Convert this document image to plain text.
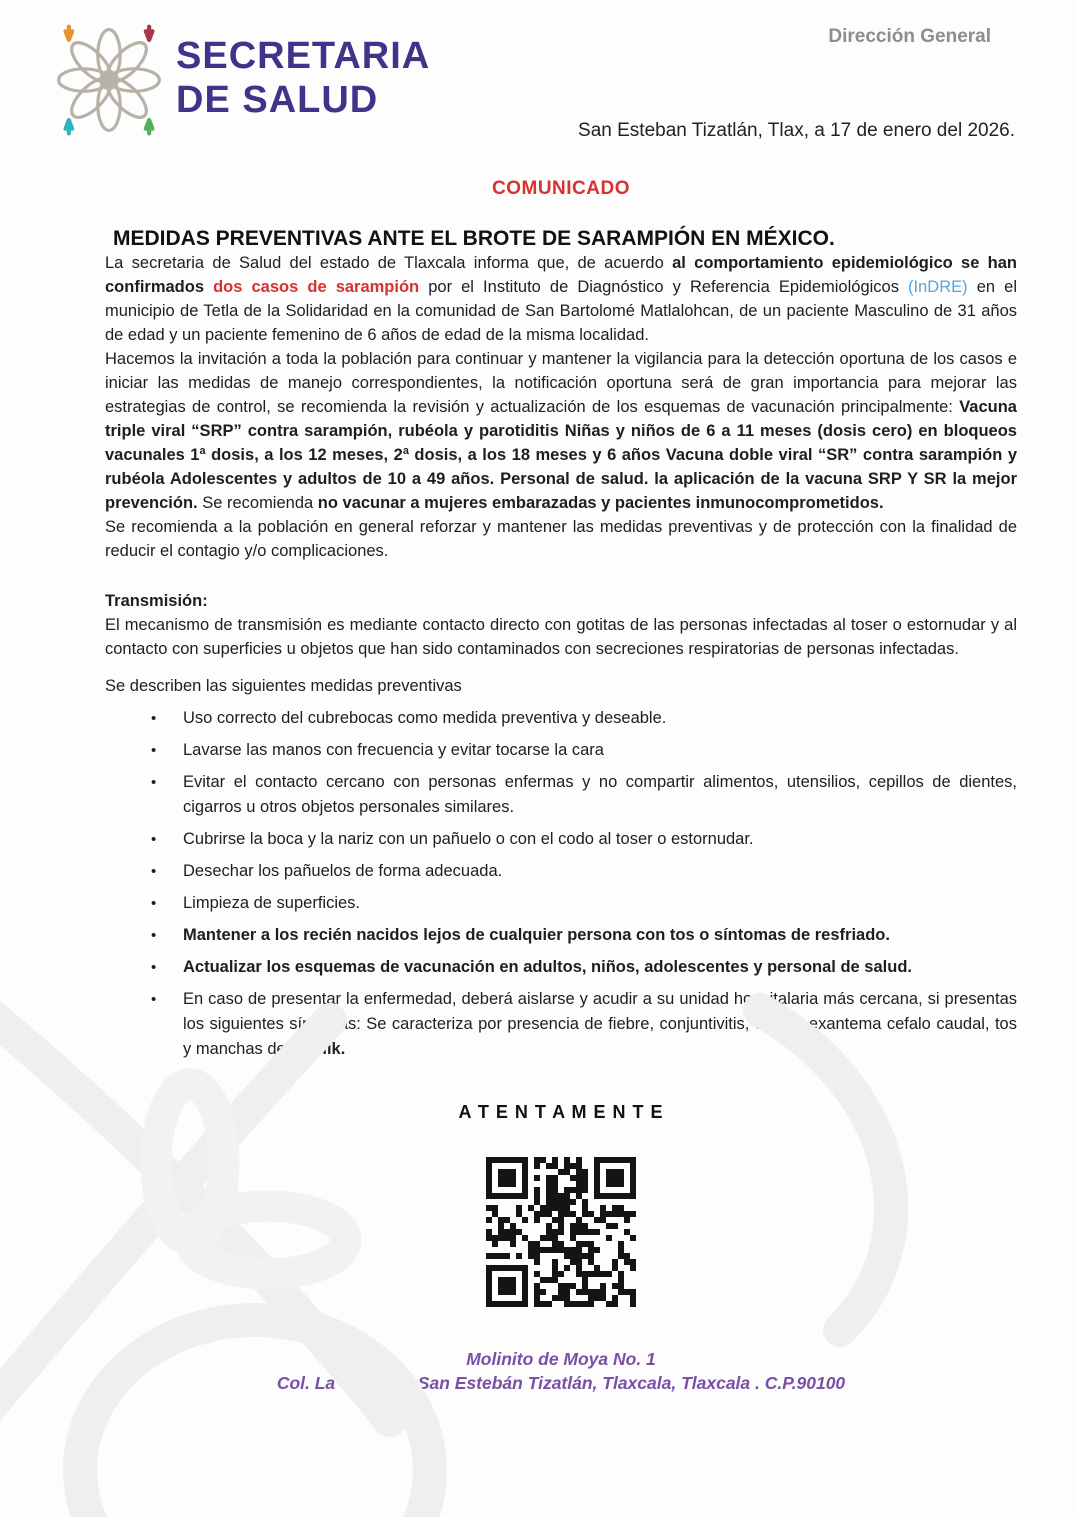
SECRETARIA
DE SALUD
Dirección General
San Esteban Tizatlán, Tlax, a 17 de enero del 2026.
COMUNICADO
MEDIDAS PREVENTIVAS ANTE EL BROTE DE SARAMPIÓN EN MÉXICO.

La secretaria de Salud del estado de Tlaxcala informa que, de acuerdo al comportamiento epidemiológico se han confirmados dos casos de sarampión por el Instituto de Diagnóstico y Referencia Epidemiológicos (InDRE) en el municipio de Tetla de la Solidaridad en la comunidad de San Bartolomé Matlalohcan, de un paciente Masculino de 31 años de edad y un paciente femenino de 6 años de edad de la misma localidad.

Hacemos la invitación a toda la población para continuar y mantener la vigilancia para la detección oportuna de los casos e iniciar las medidas de manejo correspondientes, la notificación oportuna será de gran importancia para mejorar las estrategias de control, se recomienda la revisión y actualización de los esquemas de vacunación principalmente: Vacuna triple viral “SRP” contra sarampión, rubéola y parotiditis Niñas y niños de 6 a 11 meses (dosis cero) en bloqueos vacunales 1ª dosis, a los 12 meses, 2ª dosis, a los 18 meses y 6 años Vacuna doble viral “SR” contra sarampión y rubéola Adolescentes y adultos de 10 a 49 años. Personal de salud. la aplicación de la vacuna SRP Y SR la mejor prevención. Se recomienda no vacunar a mujeres embarazadas y pacientes inmunocomprometidos.

Se recomienda a la población en general reforzar y mantener las medidas preventivas y de protección con la finalidad de reducir el contagio y/o complicaciones.

Transmisión:

El mecanismo de transmisión es mediante contacto directo con gotitas de las personas infectadas al toser o estornudar y al contacto con superficies u objetos que han sido contaminados con secreciones respiratorias de personas infectadas.

Se describen las siguientes medidas preventivas
•	Uso correcto del cubrebocas como medida preventiva y deseable.
•	Lavarse las manos con frecuencia y evitar tocarse la cara
•	Evitar el contacto cercano con personas enfermas y no compartir alimentos, utensilios, cepillos de dientes, cigarros u otros objetos personales similares.
•	Cubrirse la boca y la nariz con un pañuelo o con el codo al toser o estornudar.
•	Desechar los pañuelos de forma adecuada.
•	Limpieza de superficies.
•	Mantener a los recién nacidos lejos de cualquier persona con tos o síntomas de resfriado.
•	Actualizar los esquemas de vacunación en adultos, niños, adolescentes y personal de salud.
•	En caso de presentar la enfermedad, deberá aislarse y acudir a su unidad hospitalaria más cercana, si presentas los siguientes síntomas: Se caracteriza por presencia de fiebre, conjuntivitis, coriza, exantema cefalo caudal, tos y manchas de Koplik.
A T E N T A M E N T E
Molinito de Moya No. 1
Col. La Ciénega, San Estebán Tizatlán, Tlaxcala, Tlaxcala . C.P.90100
